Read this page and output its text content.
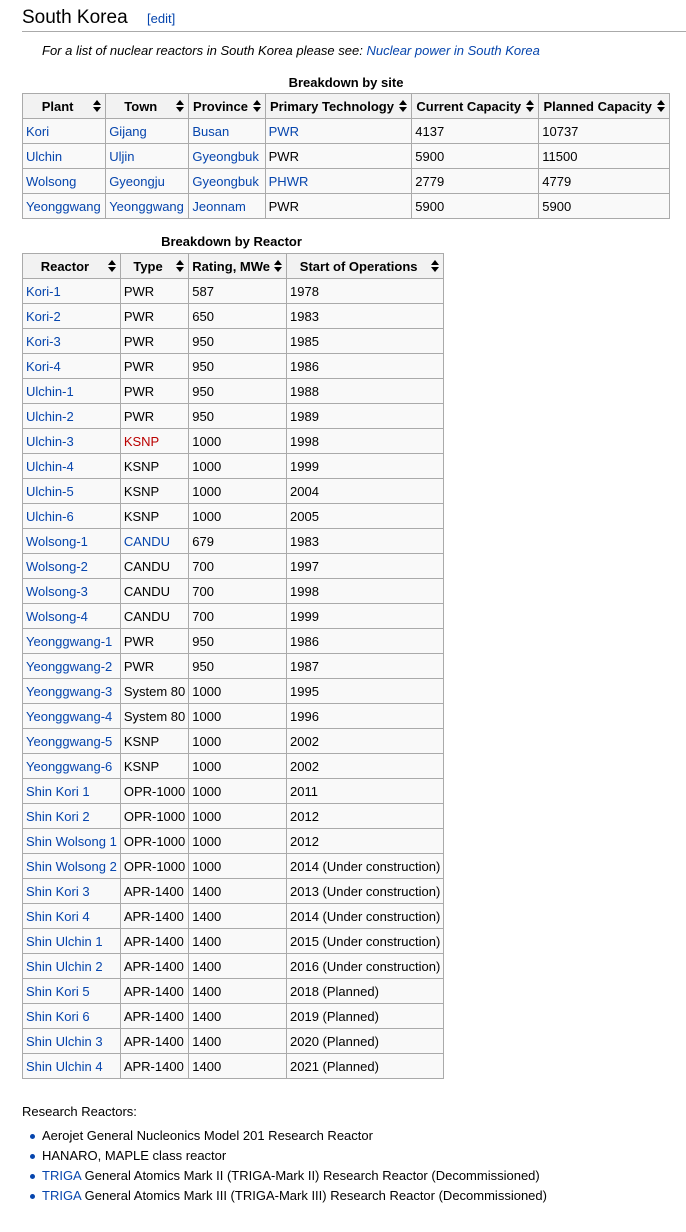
South Korea [edit]
For a list of nuclear reactors in South Korea please see: Nuclear power in South Korea
Breakdown by site
Plant	Town	Province	Primary Technology	Current Capacity	Planned Capacity

Kori	Gijang	Busan	PWR	4137	10737
Ulchin	Uljin	Gyeongbuk	PWR	5900	11500
Wolsong	Gyeongju	Gyeongbuk	PHWR	2779	4779
Yeonggwang	Yeonggwang	Jeonnam	PWR	5900	5900
Breakdown by Reactor
Reactor	Type	Rating, MWe	Start of Operations

Kori-1	PWR	587	1978
Kori-2	PWR	650	1983
Kori-3	PWR	950	1985
Kori-4	PWR	950	1986
Ulchin-1	PWR	950	1988
Ulchin-2	PWR	950	1989
Ulchin-3	KSNP	1000	1998
Ulchin-4	KSNP	1000	1999
Ulchin-5	KSNP	1000	2004
Ulchin-6	KSNP	1000	2005
Wolsong-1	CANDU	679	1983
Wolsong-2	CANDU	700	1997
Wolsong-3	CANDU	700	1998
Wolsong-4	CANDU	700	1999
Yeonggwang-1	PWR	950	1986
Yeonggwang-2	PWR	950	1987
Yeonggwang-3	System 80	1000	1995
Yeonggwang-4	System 80	1000	1996
Yeonggwang-5	KSNP	1000	2002
Yeonggwang-6	KSNP	1000	2002
Shin Kori 1	OPR-1000	1000	2011
Shin Kori 2	OPR-1000	1000	2012
Shin Wolsong 1	OPR-1000	1000	2012
Shin Wolsong 2	OPR-1000	1000	2014 (Under construction)
Shin Kori 3	APR-1400	1400	2013 (Under construction)
Shin Kori 4	APR-1400	1400	2014 (Under construction)
Shin Ulchin 1	APR-1400	1400	2015 (Under construction)
Shin Ulchin 2	APR-1400	1400	2016 (Under construction)
Shin Kori 5	APR-1400	1400	2018 (Planned)
Shin Kori 6	APR-1400	1400	2019 (Planned)
Shin Ulchin 3	APR-1400	1400	2020 (Planned)
Shin Ulchin 4	APR-1400	1400	2021 (Planned)
Research Reactors:
Aerojet General Nucleonics Model 201 Research Reactor
HANARO, MAPLE class reactor
TRIGA General Atomics Mark II (TRIGA-Mark II) Research Reactor (Decommissioned)
TRIGA General Atomics Mark III (TRIGA-Mark III) Research Reactor (Decommissioned)
